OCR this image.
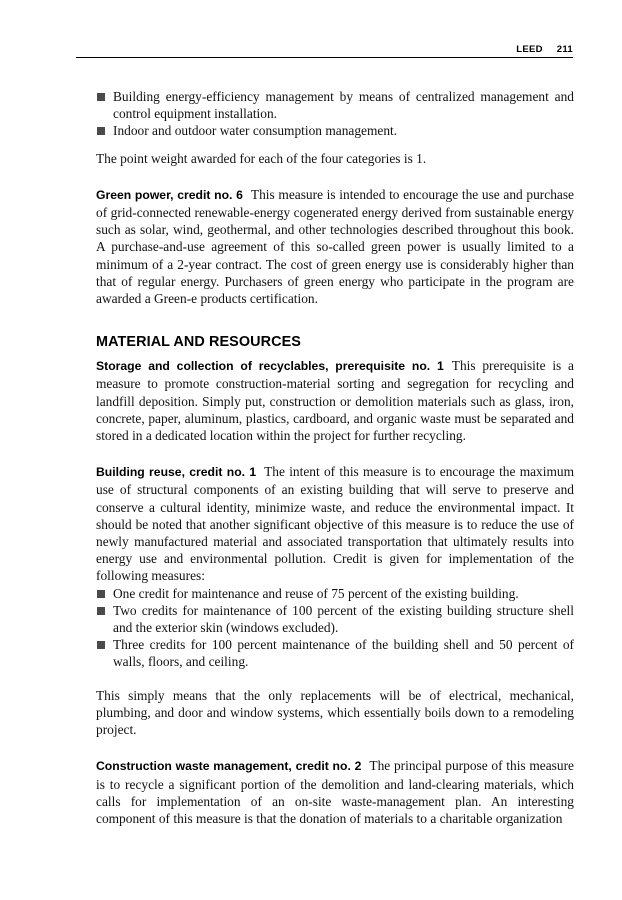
LEED 211
Building energy-efficiency management by means of centralized management and control equipment installation.
Indoor and outdoor water consumption management.

The point weight awarded for each of the four categories is 1.

Green power, credit no. 6 This measure is intended to encourage the use and purchase of grid-connected renewable-energy cogenerated energy derived from sustainable energy such as solar, wind, geothermal, and other technologies described throughout this book. A purchase-and-use agreement of this so-called green power is usually limited to a minimum of a 2-year contract. The cost of green energy use is considerably higher than that of regular energy. Purchasers of green energy who participate in the program are awarded a Green-e products certification.

MATERIAL AND RESOURCES

Storage and collection of recyclables, prerequisite no. 1 This prerequisite is a measure to promote construction-material sorting and segregation for recycling and landfill deposition. Simply put, construction or demolition materials such as glass, iron, concrete, paper, aluminum, plastics, cardboard, and organic waste must be separated and stored in a dedicated location within the project for further recycling.

Building reuse, credit no. 1 The intent of this measure is to encourage the maximum use of structural components of an existing building that will serve to preserve and conserve a cultural identity, minimize waste, and reduce the environmental impact. It should be noted that another significant objective of this measure is to reduce the use of newly manufactured material and associated transportation that ultimately results into energy use and environmental pollution. Credit is given for implementation of the following measures:

One credit for maintenance and reuse of 75 percent of the existing building.
Two credits for maintenance of 100 percent of the existing building structure shell and the exterior skin (windows excluded).
Three credits for 100 percent maintenance of the building shell and 50 percent of walls, floors, and ceiling.

This simply means that the only replacements will be of electrical, mechanical, plumbing, and door and window systems, which essentially boils down to a remodeling project.

Construction waste management, credit no. 2 The principal purpose of this measure is to recycle a significant portion of the demolition and land-clearing materials, which calls for implementation of an on-site waste-management plan. An interesting component of this measure is that the donation of materials to a charitable organization
